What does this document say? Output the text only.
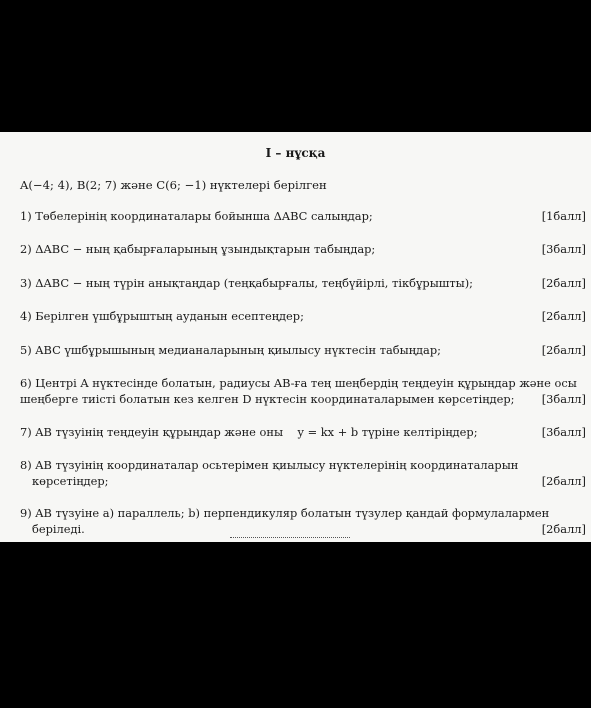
I – нұсқа
A(−4; 4), B(2; 7) және C(6; −1) нүктелері берілген
1) Төбелерінің координаталары бойынша ΔABC салыңдар;	[1балл]
2) ΔABC − ның қабырғаларының ұзындықтарын табыңдар;	[3балл]
3) ΔABC − ның түрін анықтаңдар (теңқабырғалы, теңбүйірлі, тікбұрышты);	[2балл]
4) Берілген үшбұрыштың ауданын есептеңдер;	[2балл]
5) ABC үшбұрышының медианаларының қиылысу нүктесін табыңдар;	[2балл]
6) Центрі A нүктесінде болатын, радиусы AB-ға тең шеңбердің теңдеуін құрыңдар және осы
шеңберге тиісті болатын кез келген D нүктесін координаталарымен көрсетіңдер;	[3балл]
7) AB түзуінің теңдеуін құрыңдар және оны    y = kx + b түріне келтіріңдер;	[3балл]
8) AB түзуінің координаталар осьтерімен қиылысу нүктелерінің координаталарын
көрсетіңдер;	[2балл]
9) AB түзуіне а) параллель; b) перпендикуляр болатын түзулер қандай формулалармен
беріледі.	[2балл]
